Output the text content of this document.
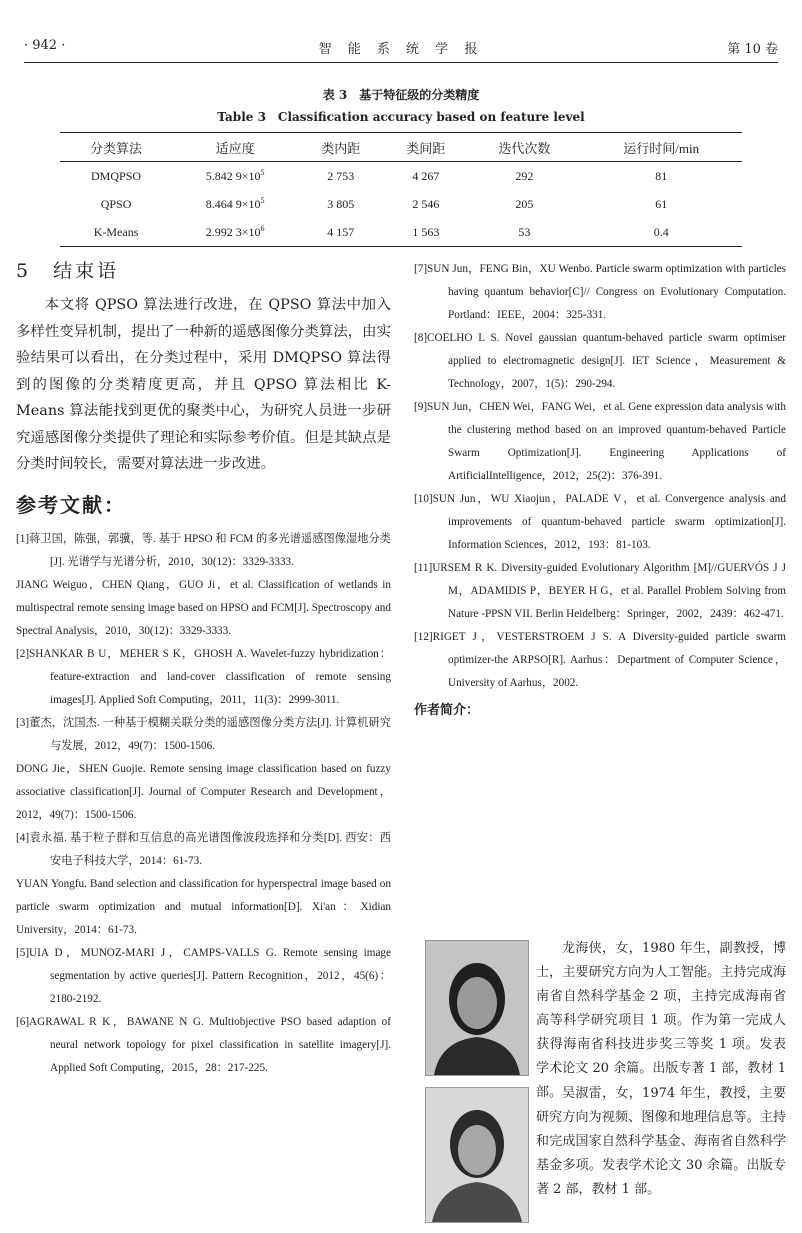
· 942 ·	智 能 系 统 学 报	第 10 卷
表 3　基于特征级的分类精度
Table 3　Classification accuracy based on feature level
分类算法	适应度	类内距	类间距	迭代次数	运行时间/min
DMQPSO	5.842 $9\times 10^5$	2 753	4 267	292	81
QPSO	8.464 $9\times 10^5$	3 805	2 546	205	61
K-Means	2.992 $3\times 10^6$	4 157	1 563	53	0.4
5　结束语

本文将 QPSO 算法进行改进，在 QPSO 算法中加入多样性变异机制，提出了一种新的遥感图像分类算法，由实验结果可以看出，在分类过程中，采用 DMQPSO 算法得到的图像的分类精度更高，并且 QPSO 算法相比 K-Means 算法能找到更优的聚类中心，为研究人员进一步研究遥感图像分类提供了理论和实际参考价值。但是其缺点是分类时间较长，需要对算法进一步改进。

参考文献：

[1]蒋卫国，陈强，郭骥，等. 基于 HPSO 和 FCM 的多光谱遥感图像湿地分类[J]. 光谱学与光谱分析，2010，30(12)：3329-3333.

JIANG Weiguo，CHEN Qiang，GUO Ji，et al. Classification of wetlands in multispectral remote sensing image based on HPSO and FCM[J]. Spectroscopy and Spectral Analysis，2010，30(12)：3329-3333.

[2]SHANKAR B U，MEHER S K，GHOSH A. Wavelet-fuzzy hybridization：feature-extraction and land-cover classification of remote sensing images[J]. Applied Soft Computing，2011，11(3)：2999-3011.

[3]董杰，沈国杰. 一种基于模糊关联分类的遥感图像分类方法[J]. 计算机研究与发展，2012，49(7)：1500-1506.

DONG Jie，SHEN Guojie. Remote sensing image classification based on fuzzy associative classification[J]. Journal of Computer Research and Development，2012，49(7)：1500-1506.

[4]袁永福. 基于粒子群和互信息的高光谱图像波段选择和分类[D]. 西安：西安电子科技大学，2014：61-73.

YUAN Yongfu. Band selection and classification for hyperspectral image based on particle swarm optimization and mutual information[D]. Xi'an：Xidian University，2014：61-73.

[5]UIA D，MUNOZ-MARI J，CAMPS-VALLS G. Remote sensing image segmentation by active queries[J]. Pattern Recognition，2012，45(6)：2180-2192.

[6]AGRAWAL R K，BAWANE N G. Multiobjective PSO based adaption of neural network topology for pixel classification in satellite imagery[J]. Applied Soft Computing，2015，28：217-225.

[7]SUN Jun，FENG Bin，XU Wenbo. Particle swarm optimization with particles having quantum behavior[C]// Congress on Evolutionary Computation. Portland：IEEE，2004：325-331.

[8]COELHO L S. Novel gaussian quantum-behaved particle swarm optimiser applied to electromagnetic design[J]. IET Science，Measurement & Technology，2007，1(5)：290-294.

[9]SUN Jun，CHEN Wei，FANG Wei，et al. Gene expression data analysis with the clustering method based on an improved quantum-behaved Particle Swarm Optimization[J]. Engineering Applications of ArtificialIntelligence，2012，25(2)：376-391.

[10]SUN Jun，WU Xiaojun，PALADE V，et al. Convergence analysis and improvements of quantum-behaved particle swarm optimization[J]. Information Sciences，2012，193：81-103.

[11]URSEM R K. Diversity-guided Evolutionary Algorithm [M]//GUERVÓS J J M，ADAMIDIS P，BEYER H G，et al. Parallel Problem Solving from Nature -PPSN VII. Berlin Heidelberg：Springer，2002，2439：462-471.

[12]RIGET J，VESTERSTROEM J S. A Diversity-guided particle swarm optimizer-the ARPSO[R]. Aarhus：Department of Computer Science，University of Aarhus，2002.

作者简介：

龙海侠，女，1980 年生，副教授，博士，主要研究方向为人工智能。主持完成海南省自然科学基金 2 项，主持完成海南省高等科学研究项目 1 项。作为第一完成人获得海南省科技进步奖三等奖 1 项。发表学术论文 20 余篇。出版专著 1 部，教材 1 部。 吴淑雷，女，1974 年生，教授，主要研究方向为视频、图像和地理信息等。主持和完成国家自然科学基金、海南省自然科学基金多项。发表学术论文 30 余篇。出版专著 2 部，教材 1 部。
